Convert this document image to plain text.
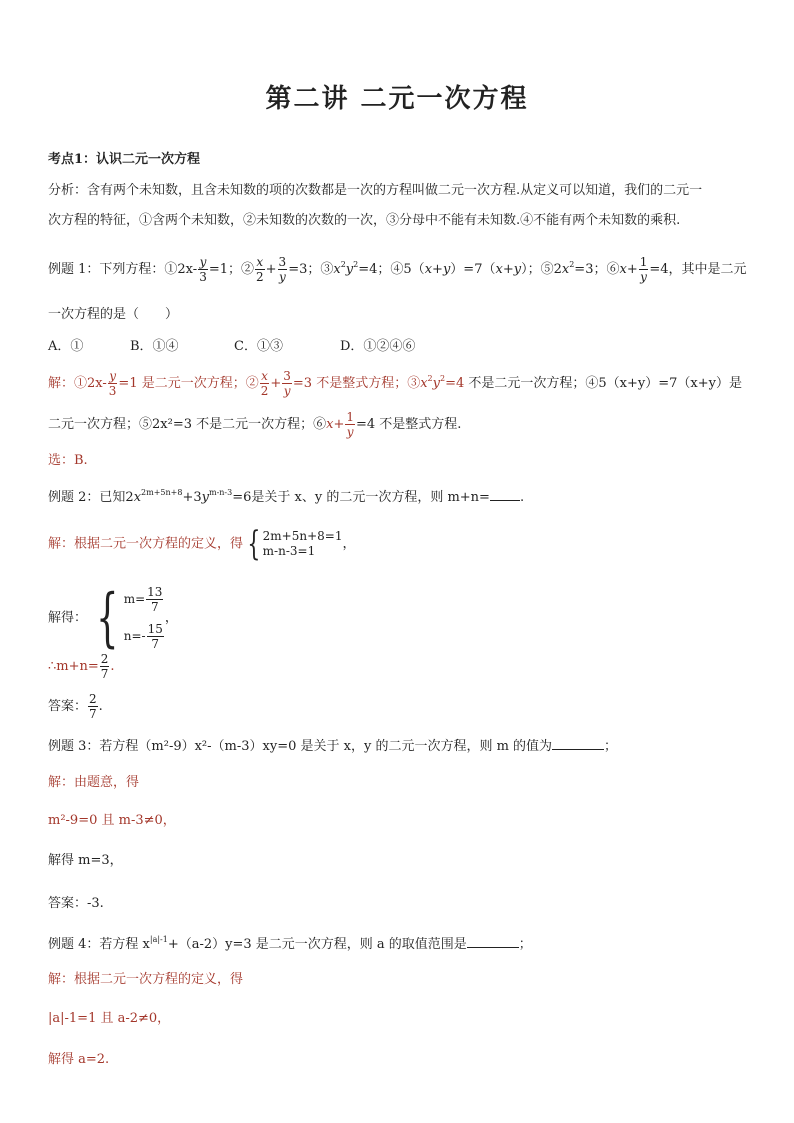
第二讲 二元一次方程
考点1：认识二元一次方程
分析：含有两个未知数，且含未知数的项的次数都是一次的方程叫做二元一次方程.从定义可以知道，我们的二元一
次方程的特征，①含两个未知数，②未知数的次数的一次，③分母中不能有未知数.④不能有两个未知数的乘积.
例题 1：下列方程：①2x- $\frac{y}{3} =1$；② $\frac{x}{2} + \frac{3}{y} =3$；$③x^2y^2=4$；④5（x+y）=7（x+y）；$⑤2x^2=3$；⑥x+ $\frac{1}{y} =4$，其中是二元
一次方程的是（　　）
A．①	B．①④	C．①③	D．①②④⑥
解：①2x- $\frac{y}{3} =1$ 是二元一次方程；② $\frac{x}{2} + \frac{3}{y} =3$ 不是整式方程；$③x^2y^2=4$ 不是二元一次方程；④5（x+y）=7（x+y）是
二元一次方程；⑤2x²=3 不是二元一次方程；⑥x+ $\frac{1}{y} =4$ 不是整式方程.
选：B.
例题 2：已知$2x^{2m+5n+8}+3y^{m-n-3}=6$是关于 x、y 的二元一次方程，则 m+n= .
解：根据二元一次方程的定义，得 { 2m+5n+8=1
m-n-3=1	，
解得： { $m= \frac{13}{7}$
$n=- \frac{15}{7}$
，
∴m+n= $\frac{2}{7}$ .
答案： $\frac{2}{7}$ .
例题 3：若方程（m²-9）x²-（m-3）xy=0 是关于 x，y 的二元一次方程，则 m 的值为	；
解：由题意，得
m²-9=0 且 m-3≠0，
解得 m=3，
答案：-3.
例题 4：若方程 $x^{|a|-1}+(a-2)y=3$ 是二元一次方程，则 a 的取值范围是	；
解：根据二元一次方程的定义，得
|a|-1=1 且 a-2≠0，
解得 a=2.
